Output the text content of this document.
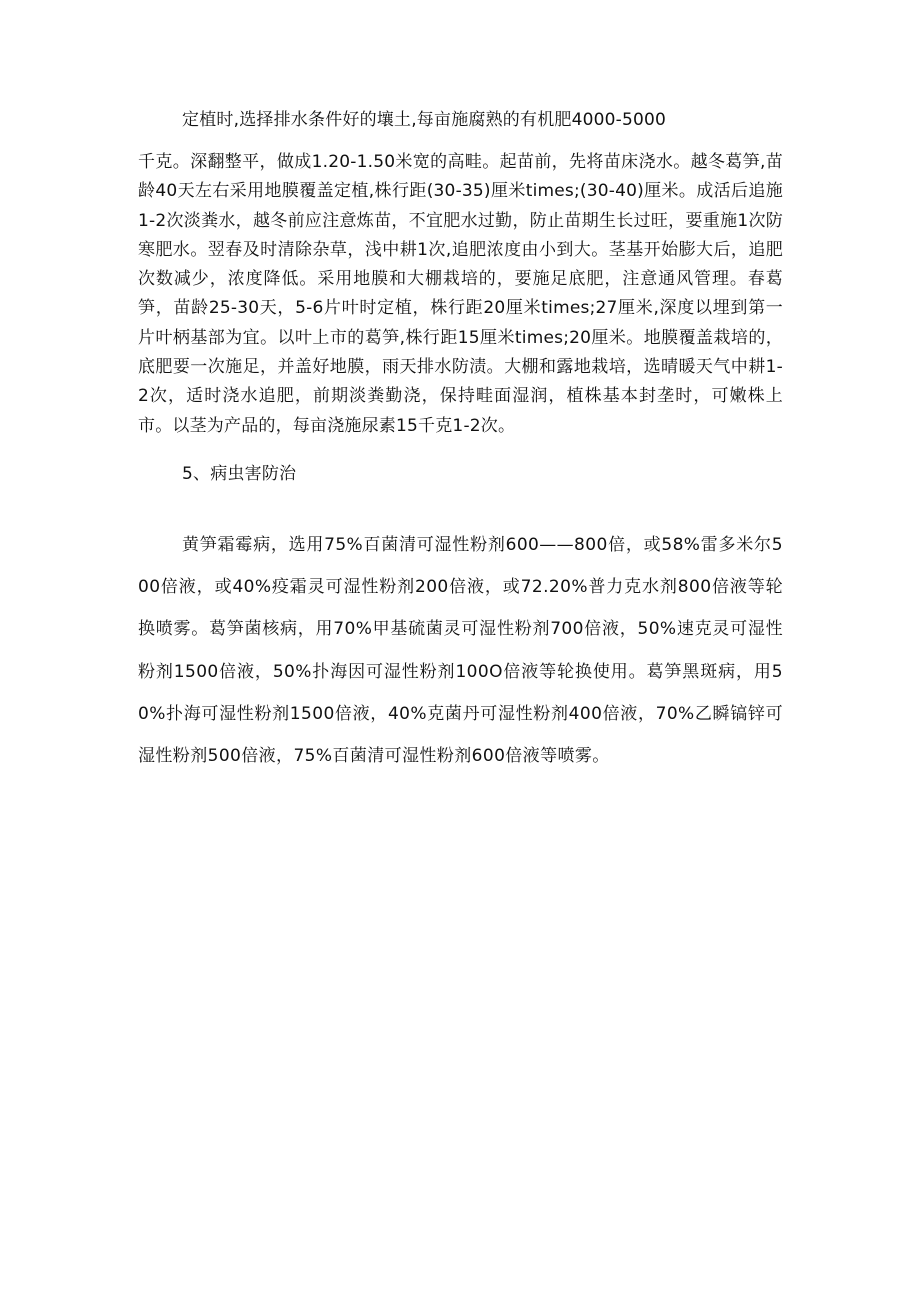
定植时,选择排水条件好的壤土,每亩施腐熟的有机肥4000-5000

千克。深翻整平，做成1.20-1.50米宽的高畦。起苗前，先将苗床浇水。越冬葛笋,苗龄40天左右采用地膜覆盖定植,株行距(30-35)厘米times;(30-40)厘米。成活后追施1-2次淡粪水，越冬前应注意炼苗，不宜肥水过勤，防止苗期生长过旺，要重施1次防寒肥水。翌春及时清除杂草，浅中耕1次,追肥浓度由小到大。茎基开始膨大后，追肥次数减少，浓度降低。采用地膜和大棚栽培的，要施足底肥，注意通风管理。春葛笋，苗龄25-30天，5-6片叶时定植，株行距20厘米times;27厘米,深度以埋到第一片叶柄基部为宜。以叶上市的葛笋,株行距15厘米times;20厘米。地膜覆盖栽培的，底肥要一次施足，并盖好地膜，雨天排水防渍。大棚和露地栽培，选晴暖天气中耕1-2次，适时浇水追肥，前期淡粪勤浇，保持畦面湿润，植株基本封垄时，可嫩株上市。以茎为产品的，每亩浇施尿素15千克1-2次。

5、病虫害防治

黄笋霜霉病，选用75%百菌清可湿性粉剂600——800倍，或58%雷多米尔500倍液，或40%疫霜灵可湿性粉剂200倍液，或72.20%普力克水剂800倍液等轮换喷雾。葛笋菌核病，用70%甲基硫菌灵可湿性粉剂700倍液，50%速克灵可湿性粉剂1500倍液，50%扑海因可湿性粉剂100O倍液等轮换使用。葛笋黑斑病，用50%扑海可湿性粉剂1500倍液，40%克菌丹可湿性粉剂400倍液，70%乙瞬镐锌可湿性粉剂500倍液，75%百菌清可湿性粉剂600倍液等喷雾。
